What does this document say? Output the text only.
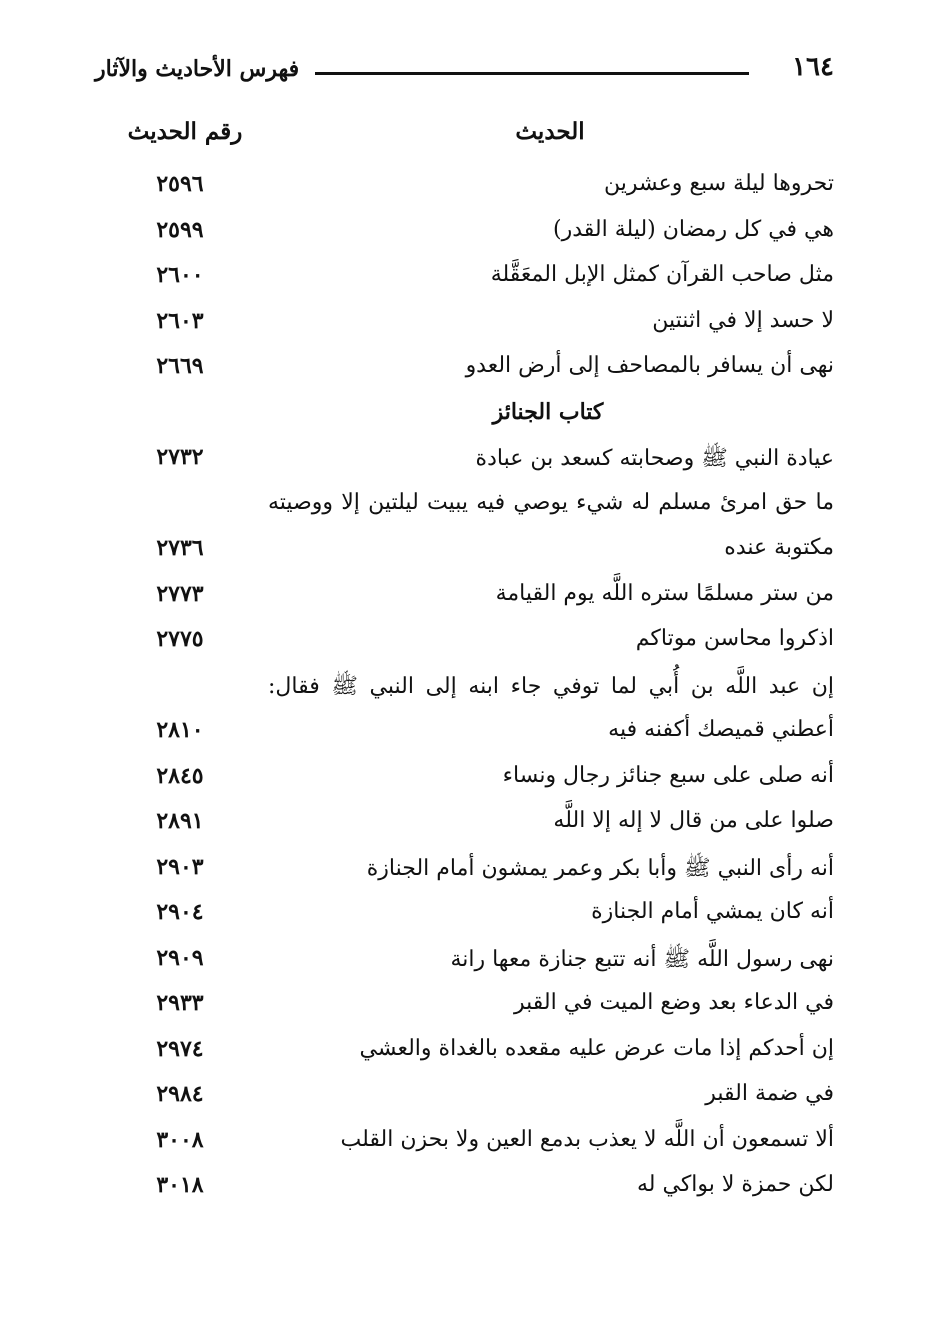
١٦٤
فهرس الأحاديث والآثار
الحديث
رقم الحديث
تحروها ليلة سبع وعشرين
٢٥٩٦
هي في كل رمضان (ليلة القدر)
٢٥٩٩
مثل صاحب القرآن كمثل الإبل المعَقَّلة
٢٦٠٠
لا حسد إلا في اثنتين
٢٦٠٣
نهى أن يسافر بالمصاحف إلى أرض العدو
٢٦٦٩
كتاب الجنائز
عيادة النبي ﷺ وصحابته كسعد بن عبادة
٢٧٣٢
ما حق امرئ مسلم له شيء يوصي فيه يبيت ليلتين إلا ووصيته
مكتوبة عنده
٢٧٣٦
من ستر مسلمًا ستره اللَّه يوم القيامة
٢٧٧٣
اذكروا محاسن موتاكم
٢٧٧٥
إن عبد اللَّه بن أُبي لما توفي جاء ابنه إلى النبي ﷺ فقال:
أعطني قميصك أكفنه فيه
٢٨١٠
أنه صلى على سبع جنائز رجال ونساء
٢٨٤٥
صلوا على من قال لا إله إلا اللَّه
٢٨٩١
أنه رأى النبي ﷺ وأبا بكر وعمر يمشون أمام الجنازة
٢٩٠٣
أنه كان يمشي أمام الجنازة
٢٩٠٤
نهى رسول اللَّه ﷺ أنه تتبع جنازة معها رانة
٢٩٠٩
في الدعاء بعد وضع الميت في القبر
٢٩٣٣
إن أحدكم إذا مات عرض عليه مقعده بالغداة والعشي
٢٩٧٤
في ضمة القبر
٢٩٨٤
ألا تسمعون أن اللَّه لا يعذب بدمع العين ولا بحزن القلب
٣٠٠٨
لكن حمزة لا بواكي له
٣٠١٨
